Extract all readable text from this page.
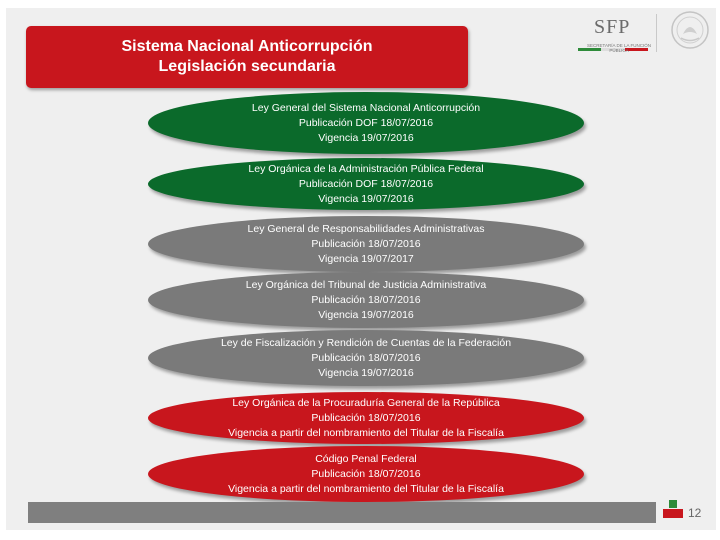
Sistema Nacional Anticorrupción
Legislación secundaria
SFP
SECRETARÍA DE LA FUNCIÓN PÚBLICA
Ley General del Sistema Nacional Anticorrupción
Publicación DOF 18/07/2016
Vigencia 19/07/2016
Ley Orgánica de la Administración Pública Federal
Publicación DOF 18/07/2016
Vigencia 19/07/2016
Ley General de Responsabilidades Administrativas
Publicación 18/07/2016
Vigencia 19/07/2017
Ley Orgánica del Tribunal de Justicia Administrativa
Publicación 18/07/2016
Vigencia 19/07/2016
Ley de Fiscalización y Rendición de Cuentas de la Federación
Publicación 18/07/2016
Vigencia 19/07/2016
Ley Orgánica de la Procuraduría General de la República
Publicación 18/07/2016
Vigencia a partir del nombramiento del Titular de la Fiscalía
Código Penal Federal
Publicación 18/07/2016
Vigencia a partir del nombramiento del Titular de la Fiscalía
12
